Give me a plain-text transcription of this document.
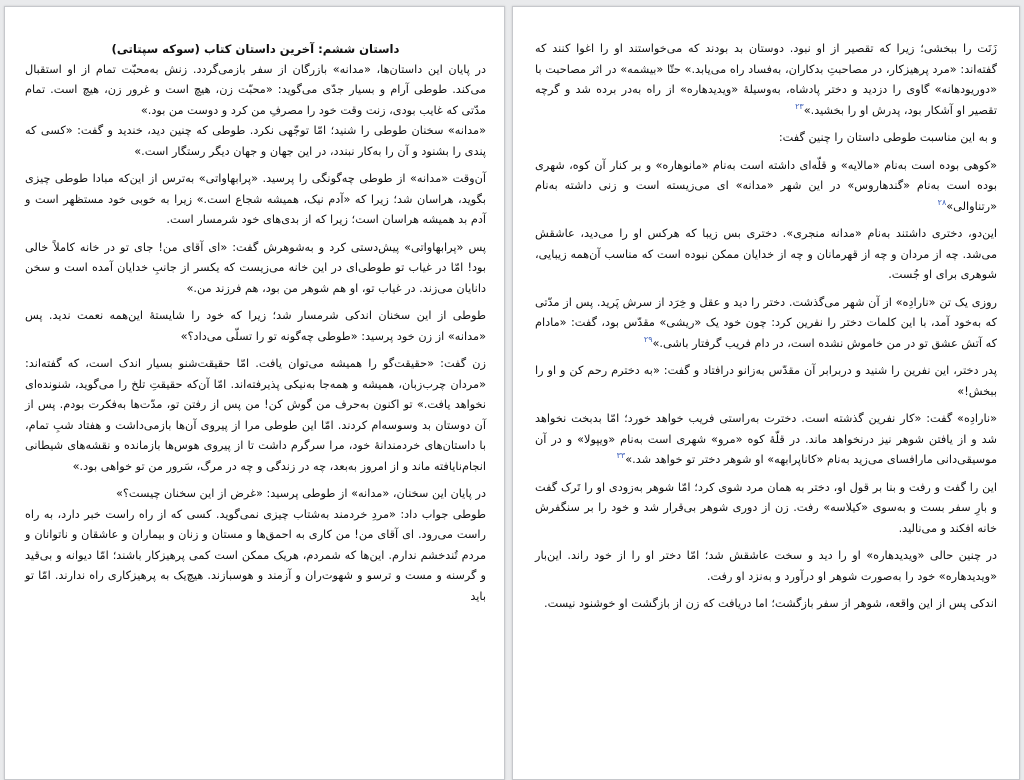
داستان ششم: آخرین داستان کتاب (سوکه سپتاتی)

در پایان این داستان‌ها، «مدانه» بازرگان از سفر بازمی‌گردد. زنش به‌محبّت تمام از او استقبال می‌کند. طوطی آرام و بسیار جدّی می‌گوید: «محبّت زن، هیچ است و غرور زن، هیچ است. تمام مدّتی که غایب بودی، زنت وقت خود را مصرفِ من کرد و دوست من بود.»

«مدانه» سخنان طوطی را شنید؛ امّا توجّهی نکرد. طوطی که چنین دید، خندید و گفت: «کسی که پندی را بشنود و آن را به‌کار نبندد، در این جهان و جهان دیگر رستگار است.»

آن‌وقت «مدانه» از طوطی چه‌گونگی را پرسید. «پرابهاواتی» به‌ترس از این‌که مبادا طوطی چیزی بگوید، هراسان شد؛ زیرا که «آدم نیک، همیشه شجاع است.» زیرا به خوبی خود مستظهر است و آدم بد همیشه هراسان است؛ زیرا که از بدی‌های خود شرمسار است.

پس «پرابهاواتی» پیش‌دستی کرد و به‌شوهرش گفت: «ای آقای من! جای تو در خانه کاملاً خالی بود! امّا در غیاب تو طوطی‌ای در این خانه می‌زیست که یکسر از جانبِ خدایان آمده است و سخن دانایان می‌زند. در غیاب تو، او هم شوهر من بود، هم فرزند من.»

طوطی از این سخنان اندکی شرمسار شد؛ زیرا که خود را شایستهٔ این‌همه نعمت ندید. پس «مدانه» از زن خود پرسید: «طوطی چه‌گونه تو را تسلّی می‌داد؟»

زن گفت: «حقیقت‌گو را همیشه می‌توان یافت. امّا حقیقت‌شنو بسیار اندک است، که گفته‌اند: «مردان چرب‌زبان، همیشه و همه‌جا به‌نیکی پذیرفته‌اند. امّا آن‌که حقیقتِ تلخ را می‌گوید، شنونده‌ای نخواهد یافت.» تو اکنون به‌حرف من گوش کن! من پس از رفتن تو، مدّت‌ها به‌فکرت بودم. پس از آن دوستان بد وسوسه‌ام کردند. امّا این طوطی مرا از پیروی آن‌ها بازمی‌داشت و هفتاد شبِ تمام، با داستان‌های خردمندانهٔ خود، مرا سرگرم داشت تا از پیروی هوس‌ها بازمانده و نقشه‌های شیطانی انجام‌نایافته ماند و از امروز به‌بعد، چه در زندگی و چه در مرگ، سَرور من تو خواهی بود.»

در پایان این سخنان، «مدانه» از طوطی پرسید: «غرض از این سخنان چیست؟»

طوطی جواب داد: «مردِ خردمند به‌شتاب چیزی نمی‌گوید. کسی که از راه راست خبر دارد، به راه راست می‌رود. ای آقای من! من کاری به احمق‌ها و مستان و زنان و بیماران و عاشقان و ناتوانان و مردم تُندخشم ندارم. این‌ها که شمردم، هریک ممکن است کمی پرهیزکار باشند؛ امّا دیوانه و بی‌قید و گرسنه و مست و ترسو و شهوت‌ران و آزمند و هوسبازند. هیچ‌یک به پرهیزکاری راه ندارند. امّا تو باید

زَنَت را ببخشی؛ زیرا که تقصیر از او نبود. دوستان بد بودند که می‌خواستند او را اغوا کنند که گفته‌اند: «مرد پرهیزکار، در مصاحبتِ بدکاران، به‌فساد راه می‌یابد.» حتّا «بیشمه» در اثر مصاحبت با «دوریودهانه» گاوی را دزدید و دختر پادشاه، به‌وسیلهٔ «ویدیدهاره» از راه به‌در برده شد و گرچه تقصیر او آشکار بود، پدرش او را بخشید.»$^{۲۳}$

و به این مناسبت طوطی داستان را چنین گفت:

«کوهی بوده است به‌نام «مالایه» و قلّه‌ای داشته است به‌نام «مانوهاره» و بر کنار آن کوه، شهری بوده است به‌نام «گندهاروس» در این شهر «مدانه» ای می‌زیسته است و زنی داشته به‌نام «رتناوالی»$^{۲۸}$

این‌دو، دختری داشتند به‌نام «مدانه منجری». دختری بس زیبا که هرکس او را می‌دید، عاشقش می‌شد. چه از مردان و چه از قهرمانان و چه از خدایان ممکن نبوده است که مناسب آن‌همه زیبایی، شوهری برای او جُست.

روزی یک تن «نارادِه» از آن شهر می‌گذشت. دختر را دید و عقل و خِرَد از سرش پَرید. پس از مدّتی که به‌خود آمد، با این کلمات دختر را نفرین کرد: چون خود یک «ریشی» مقدّس بود، گفت: «مادام که آتش عشق تو در من خاموش نشده است، در دام فریب گرفتار باشی.»$^{۲۹}$

پدر دختر، این نفرین را شنید و دربرابر آن مقدّس به‌زانو درافتاد و گفت: «به دخترم رحم کن و او را ببخش!»

«نارادِه» گفت: «کار نفرین گذشته است. دخترت به‌راستی فریب خواهد خورد؛ امّا بدبخت نخواهد شد و از یافتن شوهر نیز درنخواهد ماند. در قلّهٔ کوه «مرو» شهری است به‌نام «ویپولا» و در آن موسیقی‌دانی مارافسای می‌زید به‌نام «کاناپرابهه» او شوهر دختر تو خواهد شد.»$^{۳۳}$

این را گفت و رفت و بنا بر قول او، دختر به همان مرد شوی کرد؛ امّا شوهر به‌زودی او را تَرک گفت و بارِ سفر بست و به‌سوی «کیلاسه» رفت. زن از دوری شوهر بی‌قرار شد و خود را بر سنگفرش خانه افکند و می‌نالید.

در چنین حالی «ویدیدهاره» او را دید و سخت عاشقش شد؛ امّا دختر او را از خود راند. این‌بار «ویدیدهاره» خود را به‌صورت شوهر او درآورد و به‌نزد او رفت.

اندکی پس از این واقعه، شوهر از سفر بازگشت؛ اما دریافت که زن از بازگشت او خوشنود نیست.
